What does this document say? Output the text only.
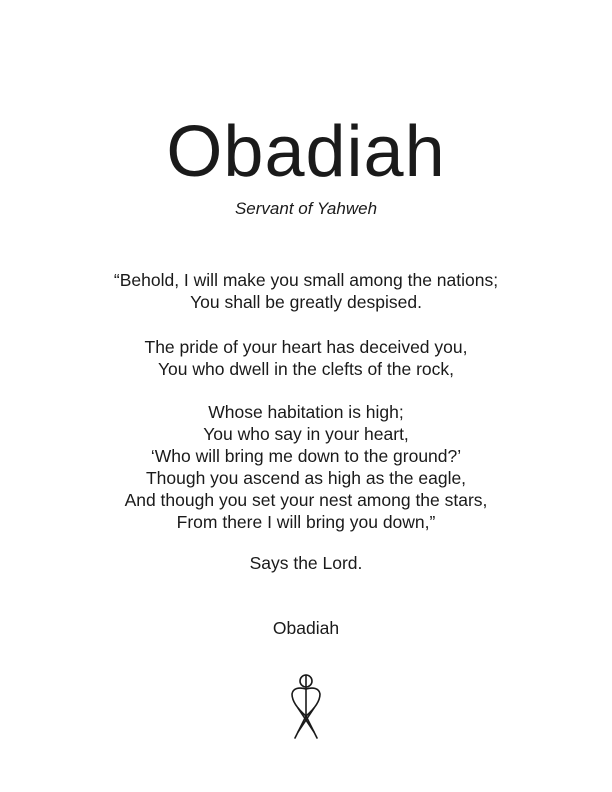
Obadiah
Servant of Yahweh
“Behold, I will make you small among the nations;
You shall be greatly despised.
The pride of your heart has deceived you,
You who dwell in the clefts of the rock,
Whose habitation is high;
You who say in your heart,
‘Who will bring me down to the ground?’
Though you ascend as high as the eagle,
And though you set your nest among the stars,
From there I will bring you down,”
Says the Lord.
Obadiah
